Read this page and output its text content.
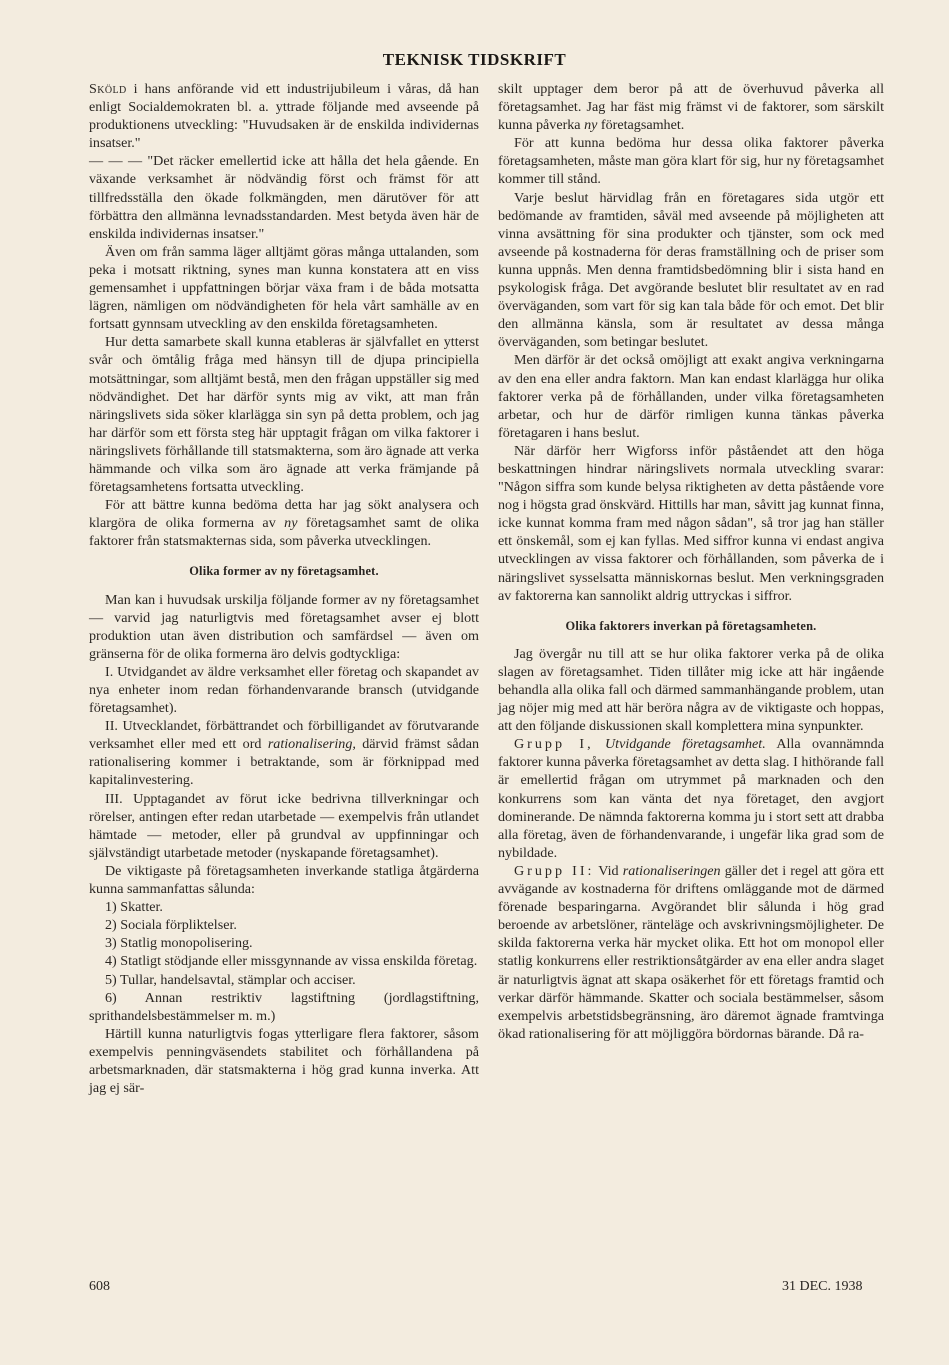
TEKNISK TIDSKRIFT

Sköld i hans anförande vid ett industrijubileum i våras, då han enligt Socialdemokraten bl. a. yttrade följande med avseende på produktionens utveckling: "Huvudsaken är de enskilda individernas insatser."

— — — "Det räcker emellertid icke att hålla det hela gående. En växande verksamhet är nödvändig först och främst för att tillfredsställa den ökade folkmängden, men därutöver för att förbättra den allmänna levnadsstandarden. Mest betyda även här de enskilda individernas insatser."

Även om från samma läger alltjämt göras många uttalanden, som peka i motsatt riktning, synes man kunna konstatera att en viss gemensamhet i uppfattningen börjar växa fram i de båda motsatta lägren, nämligen om nödvändigheten för hela vårt samhälle av en fortsatt gynnsam utveckling av den enskilda företagsamheten.

Hur detta samarbete skall kunna etableras är självfallet en ytterst svår och ömtålig fråga med hänsyn till de djupa principiella motsättningar, som alltjämt bestå, men den frågan uppställer sig med nödvändighet. Det har därför synts mig av vikt, att man från näringslivets sida söker klarlägga sin syn på detta problem, och jag har därför som ett första steg här upptagit frågan om vilka faktorer i näringslivets förhållande till statsmakterna, som äro ägnade att verka hämmande och vilka som äro ägnade att verka främjande på företagsamhetens fortsatta utveckling.

För att bättre kunna bedöma detta har jag sökt analysera och klargöra de olika formerna av ny företagsamhet samt de olika faktorer från statsmakternas sida, som påverka utvecklingen.

Olika former av ny företagsamhet.

Man kan i huvudsak urskilja följande former av ny företagsamhet — varvid jag naturligtvis med företagsamhet avser ej blott produktion utan även distribution och samfärdsel — även om gränserna för de olika formerna äro delvis godtyckliga:

I. Utvidgandet av äldre verksamhet eller företag och skapandet av nya enheter inom redan förhandenvarande bransch (utvidgande företagsamhet).

II. Utvecklandet, förbättrandet och förbilligandet av förutvarande verksamhet eller med ett ord rationalisering, därvid främst sådan rationalisering kommer i betraktande, som är förknippad med kapitalinvestering.

III. Upptagandet av förut icke bedrivna tillverkningar och rörelser, antingen efter redan utarbetade — exempelvis från utlandet hämtade — metoder, eller på grundval av uppfinningar och självständigt utarbetade metoder (nyskapande företagsamhet).

De viktigaste på företagsamheten inverkande statliga åtgärderna kunna sammanfattas sålunda:

1) Skatter.

2) Sociala förpliktelser.

3) Statlig monopolisering.

4) Statligt stödjande eller missgynnande av vissa enskilda företag.

5) Tullar, handelsavtal, stämplar och acciser.

6) Annan restriktiv lagstiftning (jordlagstiftning, sprithandelsbestämmelser m. m.)

Härtill kunna naturligtvis fogas ytterligare flera faktorer, såsom exempelvis penningväsendets stabilitet och förhållandena på arbetsmarknaden, där statsmakterna i hög grad kunna inverka. Att jag ej sär-

skilt upptager dem beror på att de överhuvud påverka all företagsamhet. Jag har fäst mig främst vi de faktorer, som särskilt kunna påverka ny företagsamhet.

För att kunna bedöma hur dessa olika faktorer påverka företagsamheten, måste man göra klart för sig, hur ny företagsamhet kommer till stånd.

Varje beslut härvidlag från en företagares sida utgör ett bedömande av framtiden, såväl med avseende på möjligheten att vinna avsättning för sina produkter och tjänster, som ock med avseende på kostnaderna för deras framställning och de priser som kunna uppnås. Men denna framtidsbedömning blir i sista hand en psykologisk fråga. Det avgörande beslutet blir resultatet av en rad överväganden, som vart för sig kan tala både för och emot. Det blir den allmänna känsla, som är resultatet av dessa många överväganden, som betingar beslutet.

Men därför är det också omöjligt att exakt angiva verkningarna av den ena eller andra faktorn. Man kan endast klarlägga hur olika faktorer verka på de förhållanden, under vilka företagsamheten arbetar, och hur de därför rimligen kunna tänkas påverka företagaren i hans beslut.

När därför herr Wigforss inför påståendet att den höga beskattningen hindrar näringslivets normala utveckling svarar: "Någon siffra som kunde belysa riktigheten av detta påstående vore nog i högsta grad önskvärd. Hittills har man, såvitt jag kunnat finna, icke kunnat komma fram med någon sådan", så tror jag han ställer ett önskemål, som ej kan fyllas. Med siffror kunna vi endast angiva utvecklingen av vissa faktorer och förhållanden, som påverka de i näringslivet sysselsatta människornas beslut. Men verkningsgraden av faktorerna kan sannolikt aldrig uttryckas i siffror.

Olika faktorers inverkan på företagsamheten.

Jag övergår nu till att se hur olika faktorer verka på de olika slagen av företagsamhet. Tiden tillåter mig icke att här ingående behandla alla olika fall och därmed sammanhängande problem, utan jag nöjer mig med att här beröra några av de viktigaste och hoppas, att den följande diskussionen skall komplettera mina synpunkter.

Grupp I, Utvidgande företagsamhet. Alla ovannämnda faktorer kunna påverka företagsamhet av detta slag. I hithörande fall är emellertid frågan om utrymmet på marknaden och den konkurrens som kan vänta det nya företaget, den avgjort dominerande. De nämnda faktorerna komma ju i stort sett att drabba alla företag, även de förhandenvarande, i ungefär lika grad som de nybildade.

Grupp II: Vid rationaliseringen gäller det i regel att göra ett avvägande av kostnaderna för driftens omläggande mot de därmed förenade besparingarna. Avgörandet blir sålunda i hög grad beroende av arbetslöner, ränteläge och avskrivningsmöjligheter. De skilda faktorerna verka här mycket olika. Ett hot om monopol eller statlig konkurrens eller restriktionsåtgärder av ena eller andra slaget är naturligtvis ägnat att skapa osäkerhet för ett företags framtid och verkar därför hämmande. Skatter och sociala bestämmelser, såsom exempelvis arbetstidsbegränsning, äro däremot ägnade framtvinga ökad rationalisering för att möjliggöra bördornas bärande. Då ra-

608	31 DEC. 1938
